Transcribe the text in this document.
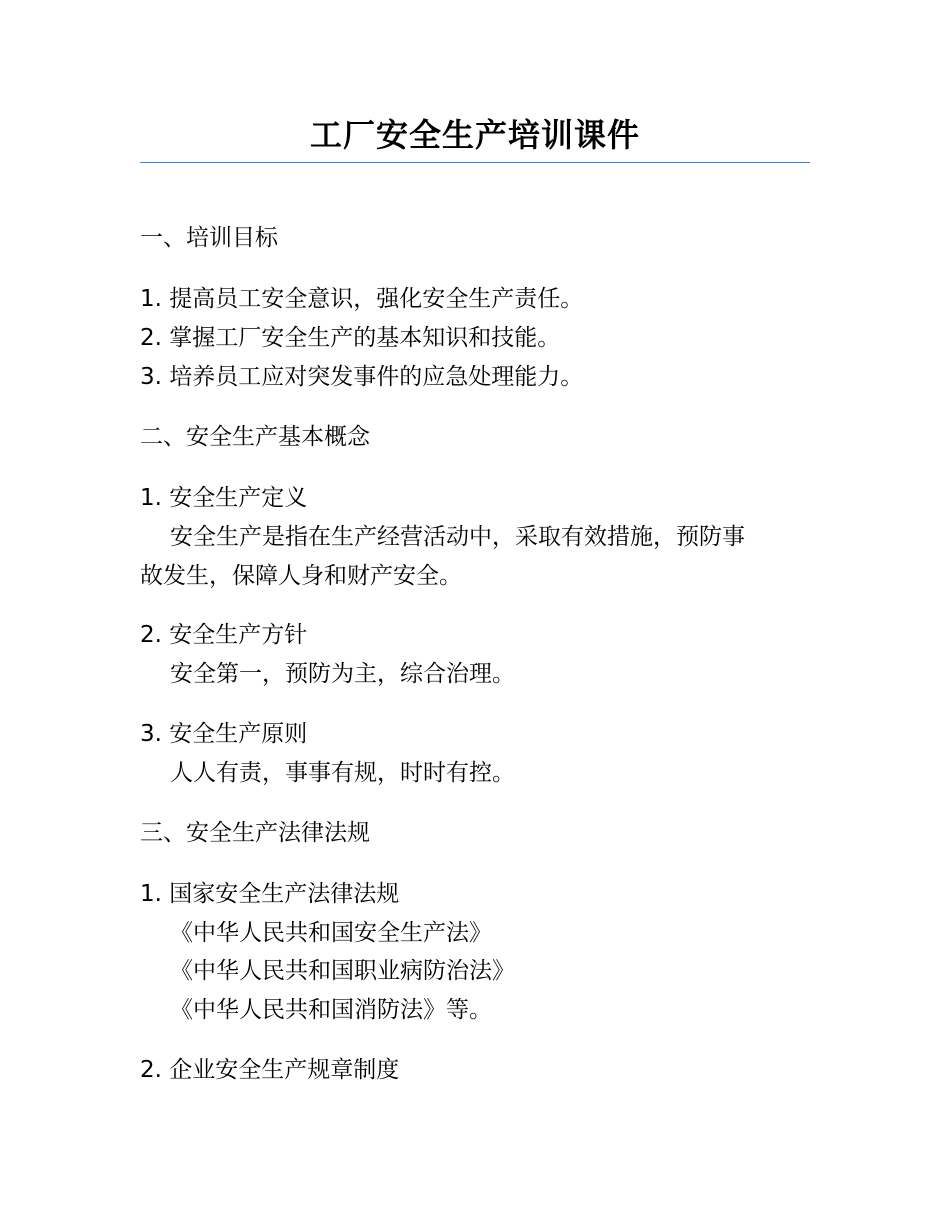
工厂安全生产培训课件
一、培训目标
1. 提高员工安全意识，强化安全生产责任。
2. 掌握工厂安全生产的基本知识和技能。
3. 培养员工应对突发事件的应急处理能力。
二、安全生产基本概念
1. 安全生产定义
安全生产是指在生产经营活动中，采取有效措施，预防事
故发生，保障人身和财产安全。
2. 安全生产方针
安全第一，预防为主，综合治理。
3. 安全生产原则
人人有责，事事有规，时时有控。
三、安全生产法律法规
1. 国家安全生产法律法规
《中华人民共和国安全生产法》
《中华人民共和国职业病防治法》
《中华人民共和国消防法》等。
2. 企业安全生产规章制度
